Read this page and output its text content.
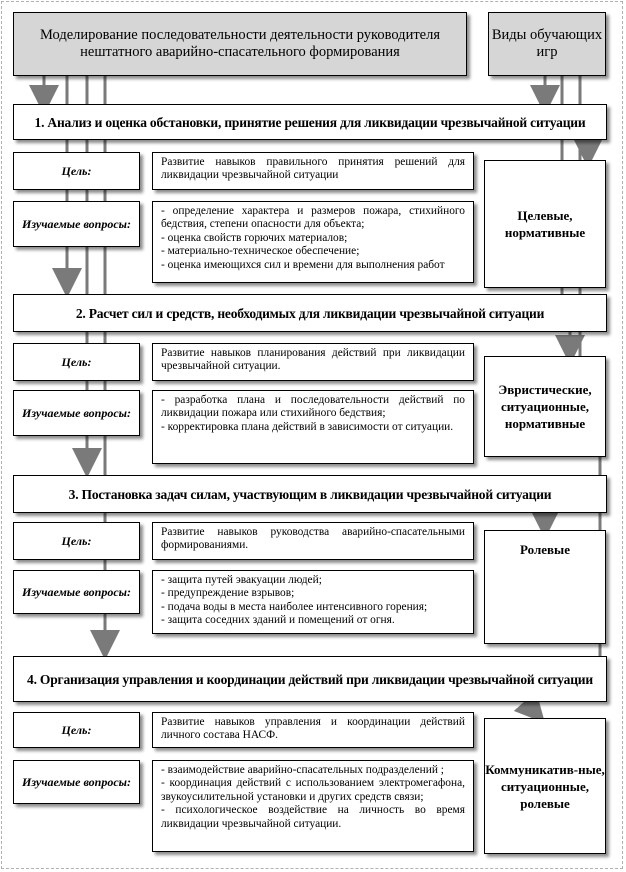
Моделирование последовательности деятельности руководителя нештатного аварийно-спасательного формирования
Виды обучающих игр
1. Анализ и оценка обстановки, принятие решения для ликвидации чрезвычайной ситуации
Цель:
Развитие навыков правильного принятия решений для ликвидации чрезвычайной ситуации
Изучаемые вопросы:
- определение характера и размеров пожара, стихийного бедствия, степени опасности для объекта;
- оценка свойств горючих материалов;
- материально-техническое обеспечение;
- оценка имеющихся сил и времени для выполнения работ
Целевые, нормативные
2. Расчет сил и средств, необходимых для ликвидации чрезвычайной ситуации
Цель:
Развитие навыков планирования действий при ликвидации чрезвычайной ситуации.
Изучаемые вопросы:
- разработка плана и последовательности действий по ликвидации пожара или стихийного бедствия;
- корректировка плана действий в зависимости от ситуации.
Эвристические, ситуационные, нормативные
3. Постановка задач силам, участвующим в ликвидации чрезвычайной ситуации
Цель:
Развитие навыков руководства аварийно-спасательными формированиями.
Изучаемые вопросы:
- защита путей эвакуации людей;
- предупреждение взрывов;
- подача воды в места наиболее интенсивного горения;
- защита соседних зданий и помещений от огня.
Ролевые
4. Организация управления и координации действий при ликвидации чрезвычайной ситуации
Цель:
Развитие навыков управления и координации действий личного состава НАСФ.
Изучаемые вопросы:
- взаимодействие аварийно-спасательных подразделений ;
- координация действий с использованием электромегафона, звукоусилительной установки и других средств связи;
- психологическое воздействие на личность во время ликвидации чрезвычайной ситуации.
Коммуникатив-ные, ситуационные, ролевые
